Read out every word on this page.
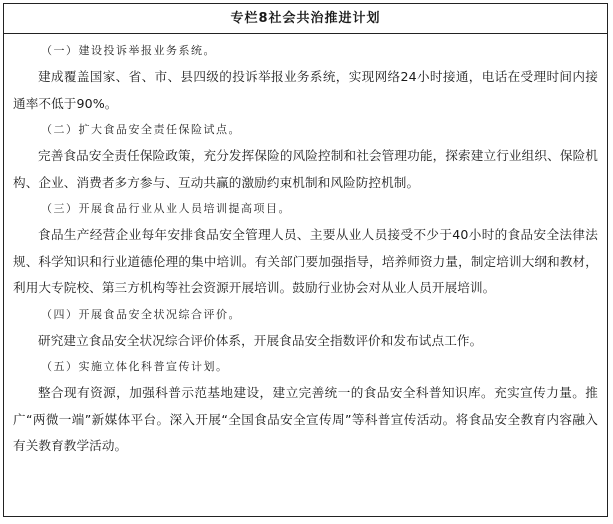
专栏8社会共治推进计划

（一）建设投诉举报业务系统。

建成覆盖国家、省、市、县四级的投诉举报业务系统，实现网络24小时接通，电话在受理时间内接通率不低于90%。

（二）扩大食品安全责任保险试点。

完善食品安全责任保险政策，充分发挥保险的风险控制和社会管理功能，探索建立行业组织、保险机构、企业、消费者多方参与、互动共赢的激励约束机制和风险防控机制。

（三）开展食品行业从业人员培训提高项目。

食品生产经营企业每年安排食品安全管理人员、主要从业人员接受不少于40小时的食品安全法律法规、科学知识和行业道德伦理的集中培训。有关部门要加强指导，培养师资力量，制定培训大纲和教材，利用大专院校、第三方机构等社会资源开展培训。鼓励行业协会对从业人员开展培训。

（四）开展食品安全状况综合评价。

研究建立食品安全状况综合评价体系，开展食品安全指数评价和发布试点工作。

（五）实施立体化科普宣传计划。

整合现有资源，加强科普示范基地建设，建立完善统一的食品安全科普知识库。充实宣传力量。推广“两微一端”新媒体平台。深入开展“全国食品安全宣传周”等科普宣传活动。将食品安全教育内容融入有关教育教学活动。
